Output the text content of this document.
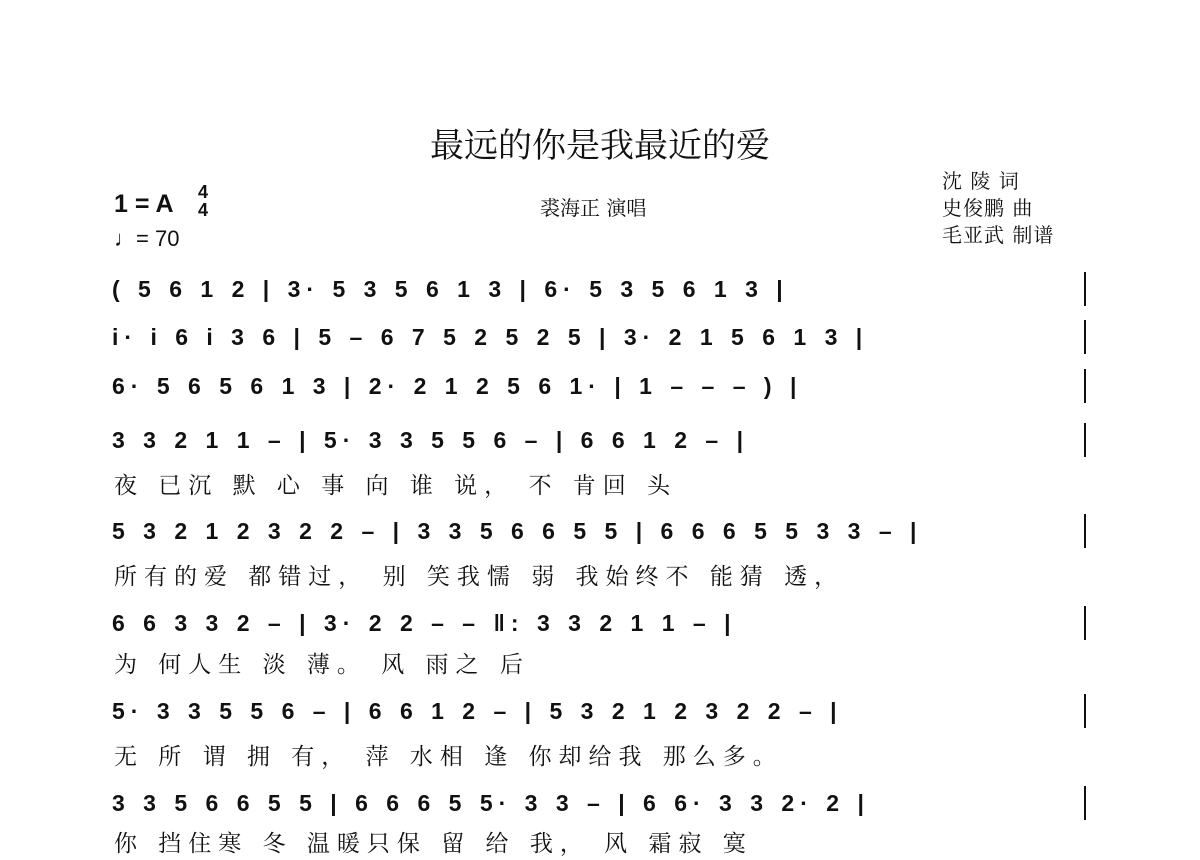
最远的你是我最近的爱
1 = A 4
4
♩= 70
裘海正 演唱
沈 陵 词
史俊鹏 曲
毛亚武 制谱
( 5 6 1 2 | 3· 5 3 5 6 1 3 | 6· 5 3 5 6 1 3 |
i· i 6 i 3 6 | 5 – 6 7 5 2 5 2 5 | 3· 2 1 5 6 1 3 |
6· 5 6 5 6 1 3 | 2· 2 1 2 5 6 1· | 1 – – – ) |
3 3 2 1 1 – | 5· 3 3 5 5 6 – | 6 6 1 2 – |
夜 已沉 默 心 事 向 谁 说， 不 肯回 头
5 3 2 1 2 3 2 2 – | 3 3 5 6 6 5 5 | 6 6 6 5 5 3 3 – |
所有的爱 都错过， 别 笑我懦 弱 我始终不 能猜 透，
6 6 3 3 2 – | 3· 2 2 – – ‖: 3 3 2 1 1 – |
为 何人生 淡 薄。 风 雨之 后
5· 3 3 5 5 6 – | 6 6 1 2 – | 5 3 2 1 2 3 2 2 – |
无 所 谓 拥 有， 萍 水相 逢 你却给我 那么多。
3 3 5 6 6 5 5 | 6 6 6 5 5· 3 3 – | 6 6· 3 3 2· 2 |
你 挡住寒 冬 温暖只保 留 给 我， 风 霜寂 寞
